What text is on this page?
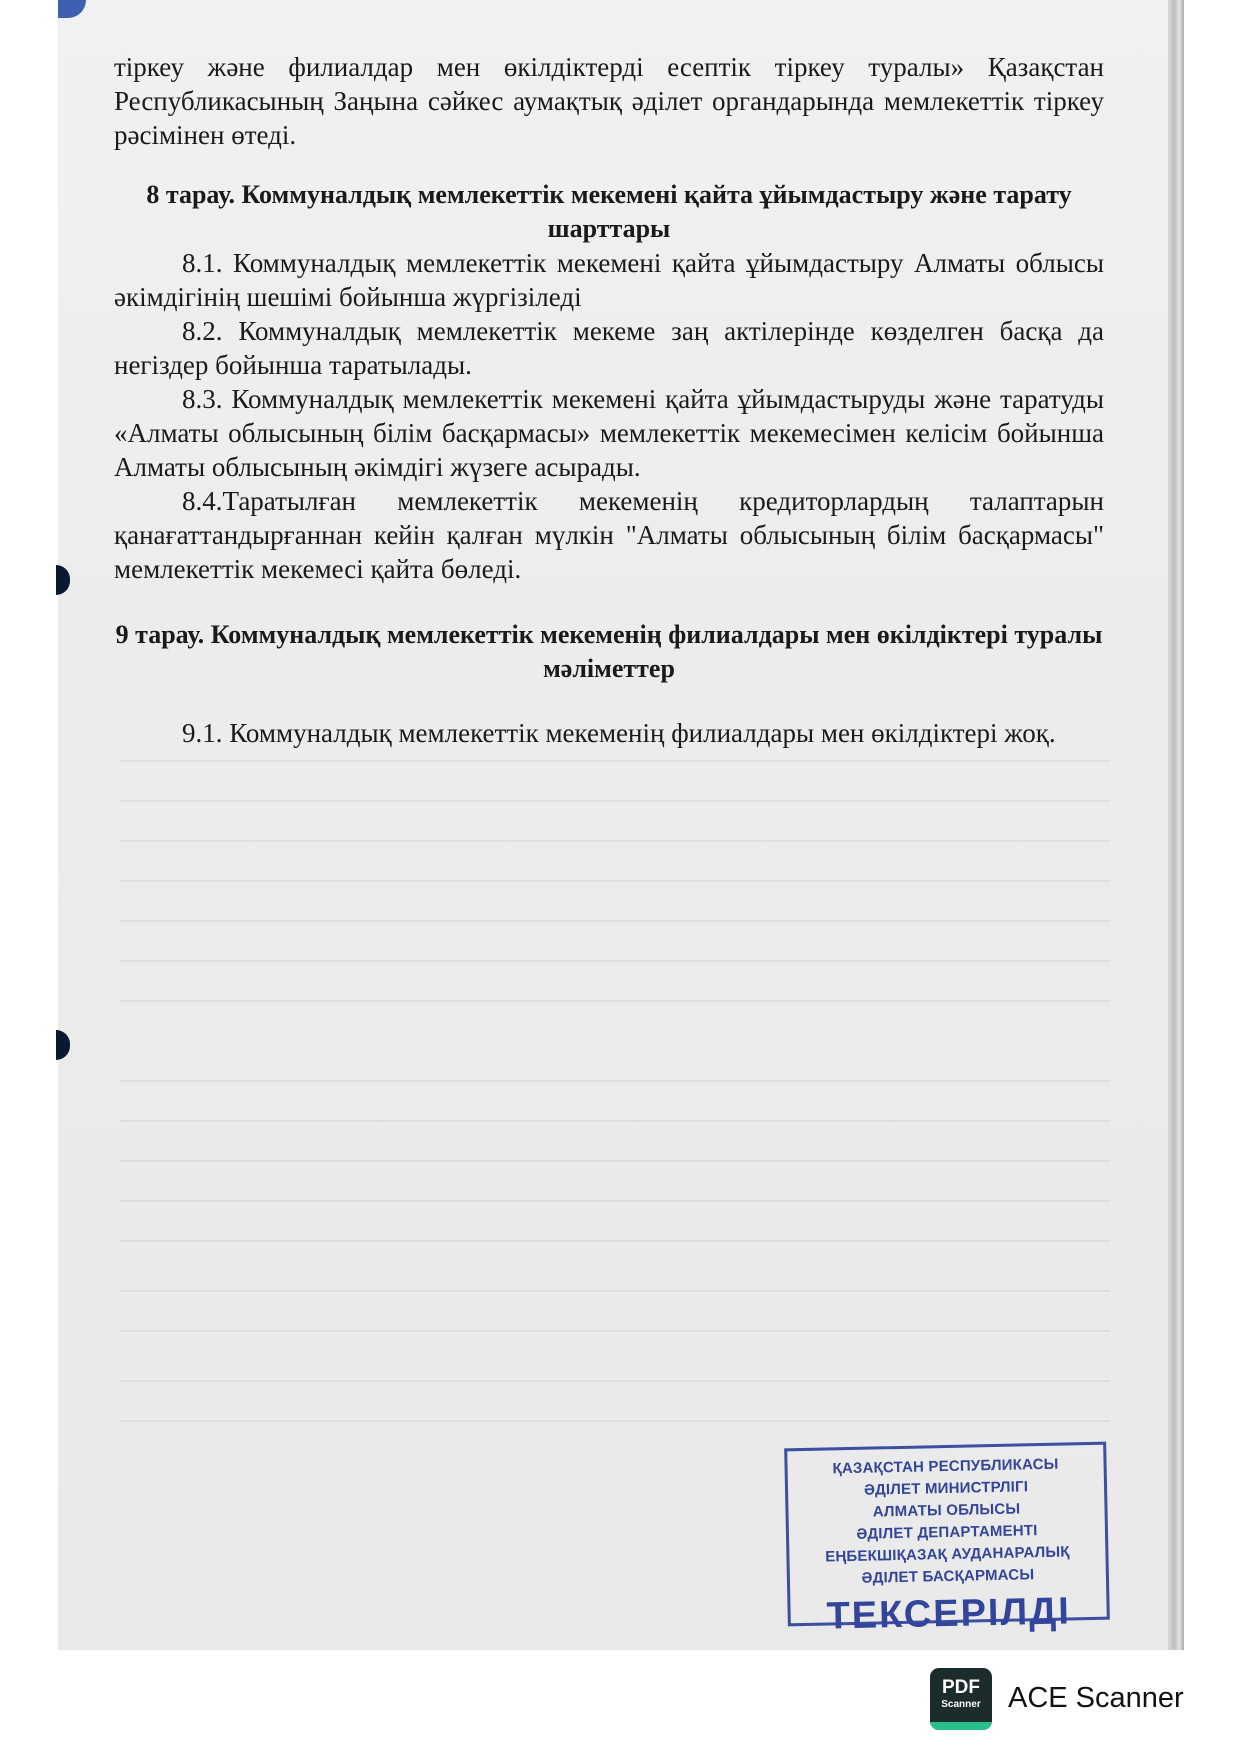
тіркеу және филиалдар мен өкілдіктерді есептік тіркеу туралы» Қазақстан Республикасының Заңына сәйкес аумақтық әділет органдарында мемлекеттік тіркеу рәсімінен өтеді.
8 тарау. Коммуналдық мемлекеттік мекемені қайта ұйымдастыру және тарату шарттары
8.1. Коммуналдық мемлекеттік мекемені қайта ұйымдастыру Алматы облысы әкімдігінің шешімі бойынша жүргізіледі
8.2. Коммуналдық мемлекеттік мекеме заң актілерінде көзделген басқа да негіздер бойынша таратылады.
8.3. Коммуналдық мемлекеттік мекемені қайта ұйымдастыруды және таратуды «Алматы облысының білім басқармасы» мемлекеттік мекемесімен келісім бойынша Алматы облысының әкімдігі жүзеге асырады.
8.4.Таратылған мемлекеттік мекеменің кредиторлардың талаптарын қанағаттандырғаннан кейін қалған мүлкін "Алматы облысының білім басқармасы" мемлекеттік мекемесі қайта бөледі.
9 тарау. Коммуналдық мемлекеттік мекеменің филиалдары мен өкілдіктері туралы мәліметтер
9.1. Коммуналдық мемлекеттік мекеменің филиалдары мен өкілдіктері жоқ.
ҚАЗАҚСТАН РЕСПУБЛИКАСЫ
ӘДІЛЕТ МИНИСТРЛІГІ
АЛМАТЫ ОБЛЫСЫ
ӘДІЛЕТ ДЕПАРТАМЕНТІ
ЕҢБЕКШІҚАЗАҚ АУДАНАРАЛЫҚ
ӘДІЛЕТ БАСҚАРМАСЫ
ТЕКСЕРІЛДІ
PDF
Scanner ACE Scanner
